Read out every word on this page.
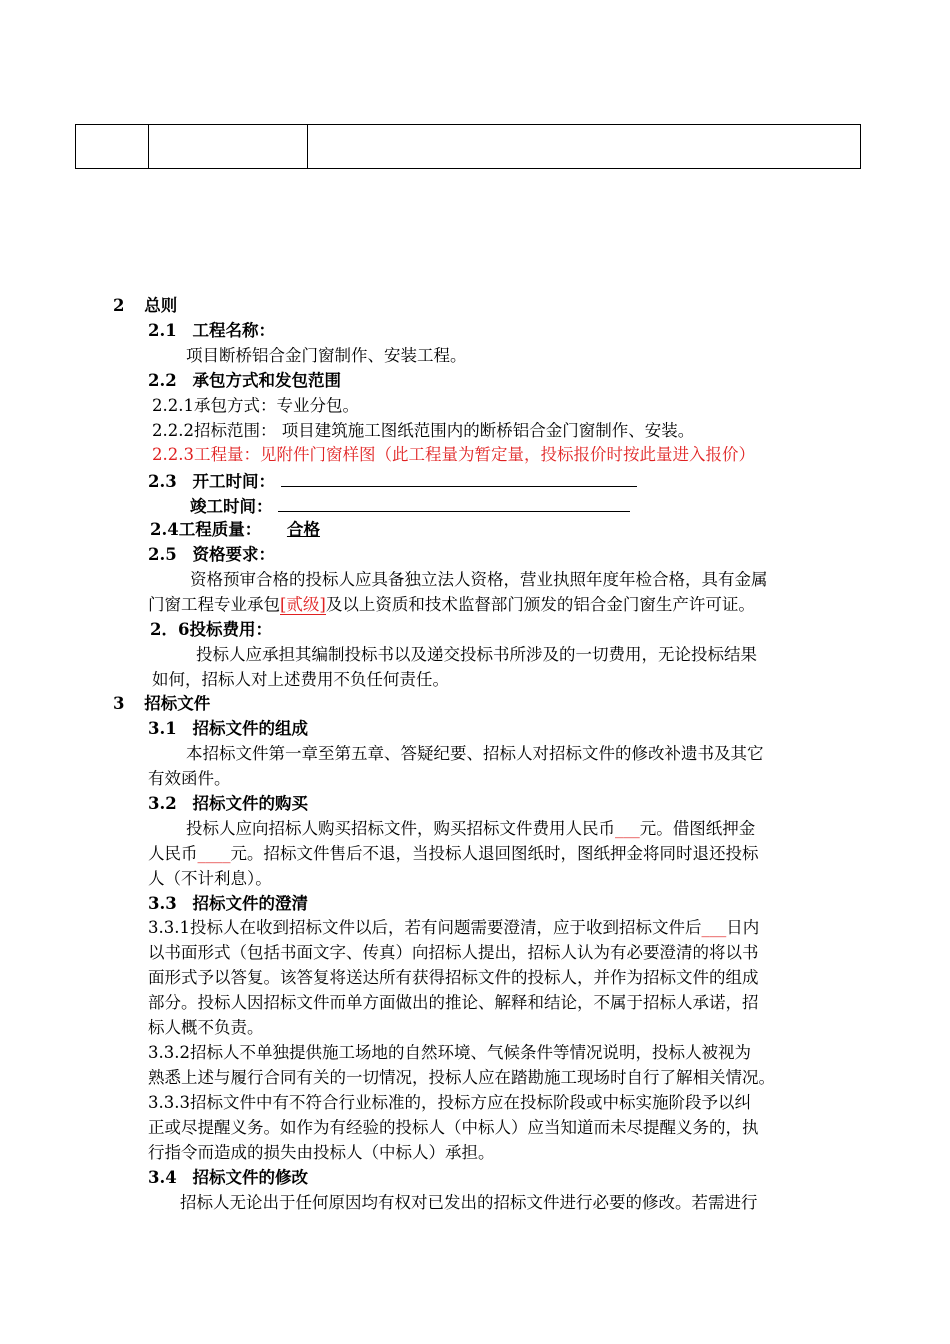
2 总则
2.1 工程名称：
项目断桥铝合金门窗制作、安装工程。
2.2 承包方式和发包范围
2.2.1承包方式：专业分包。
2.2.2招标范围： 项目建筑施工图纸范围内的断桥铝合金门窗制作、安装。
2.2.3工程量：见附件门窗样图（此工程量为暂定量，投标报价时按此量进入报价）
2.3 开工时间：
竣工时间：
2.4工程质量： 合格
2.5 资格要求：
资格预审合格的投标人应具备独立法人资格，营业执照年度年检合格，具有金属
门窗工程专业承包[贰级]及以上资质和技术监督部门颁发的铝合金门窗生产许可证。
2．6投标费用：
投标人应承担其编制投标书以及递交投标书所涉及的一切费用，无论投标结果
如何，招标人对上述费用不负任何责任。
3 招标文件
3.1 招标文件的组成
本招标文件第一章至第五章、答疑纪要、招标人对招标文件的修改补遗书及其它
有效函件。
3.2 招标文件的购买
投标人应向招标人购买招标文件，购买招标文件费用人民币___元。借图纸押金
人民币____元。招标文件售后不退，当投标人退回图纸时，图纸押金将同时退还投标
人（不计利息）。
3.3 招标文件的澄清
3.3.1投标人在收到招标文件以后，若有问题需要澄清，应于收到招标文件后___日内
以书面形式（包括书面文字、传真）向招标人提出，招标人认为有必要澄清的将以书
面形式予以答复。该答复将送达所有获得招标文件的投标人，并作为招标文件的组成
部分。投标人因招标文件而单方面做出的推论、解释和结论，不属于招标人承诺，招
标人概不负责。
3.3.2招标人不单独提供施工场地的自然环境、气候条件等情况说明，投标人被视为
熟悉上述与履行合同有关的一切情况，投标人应在踏勘施工现场时自行了解相关情况。
3.3.3招标文件中有不符合行业标准的，投标方应在投标阶段或中标实施阶段予以纠
正或尽提醒义务。如作为有经验的投标人（中标人）应当知道而未尽提醒义务的，执
行指令而造成的损失由投标人（中标人）承担。
3.4 招标文件的修改
招标人无论出于任何原因均有权对已发出的招标文件进行必要的修改。若需进行
